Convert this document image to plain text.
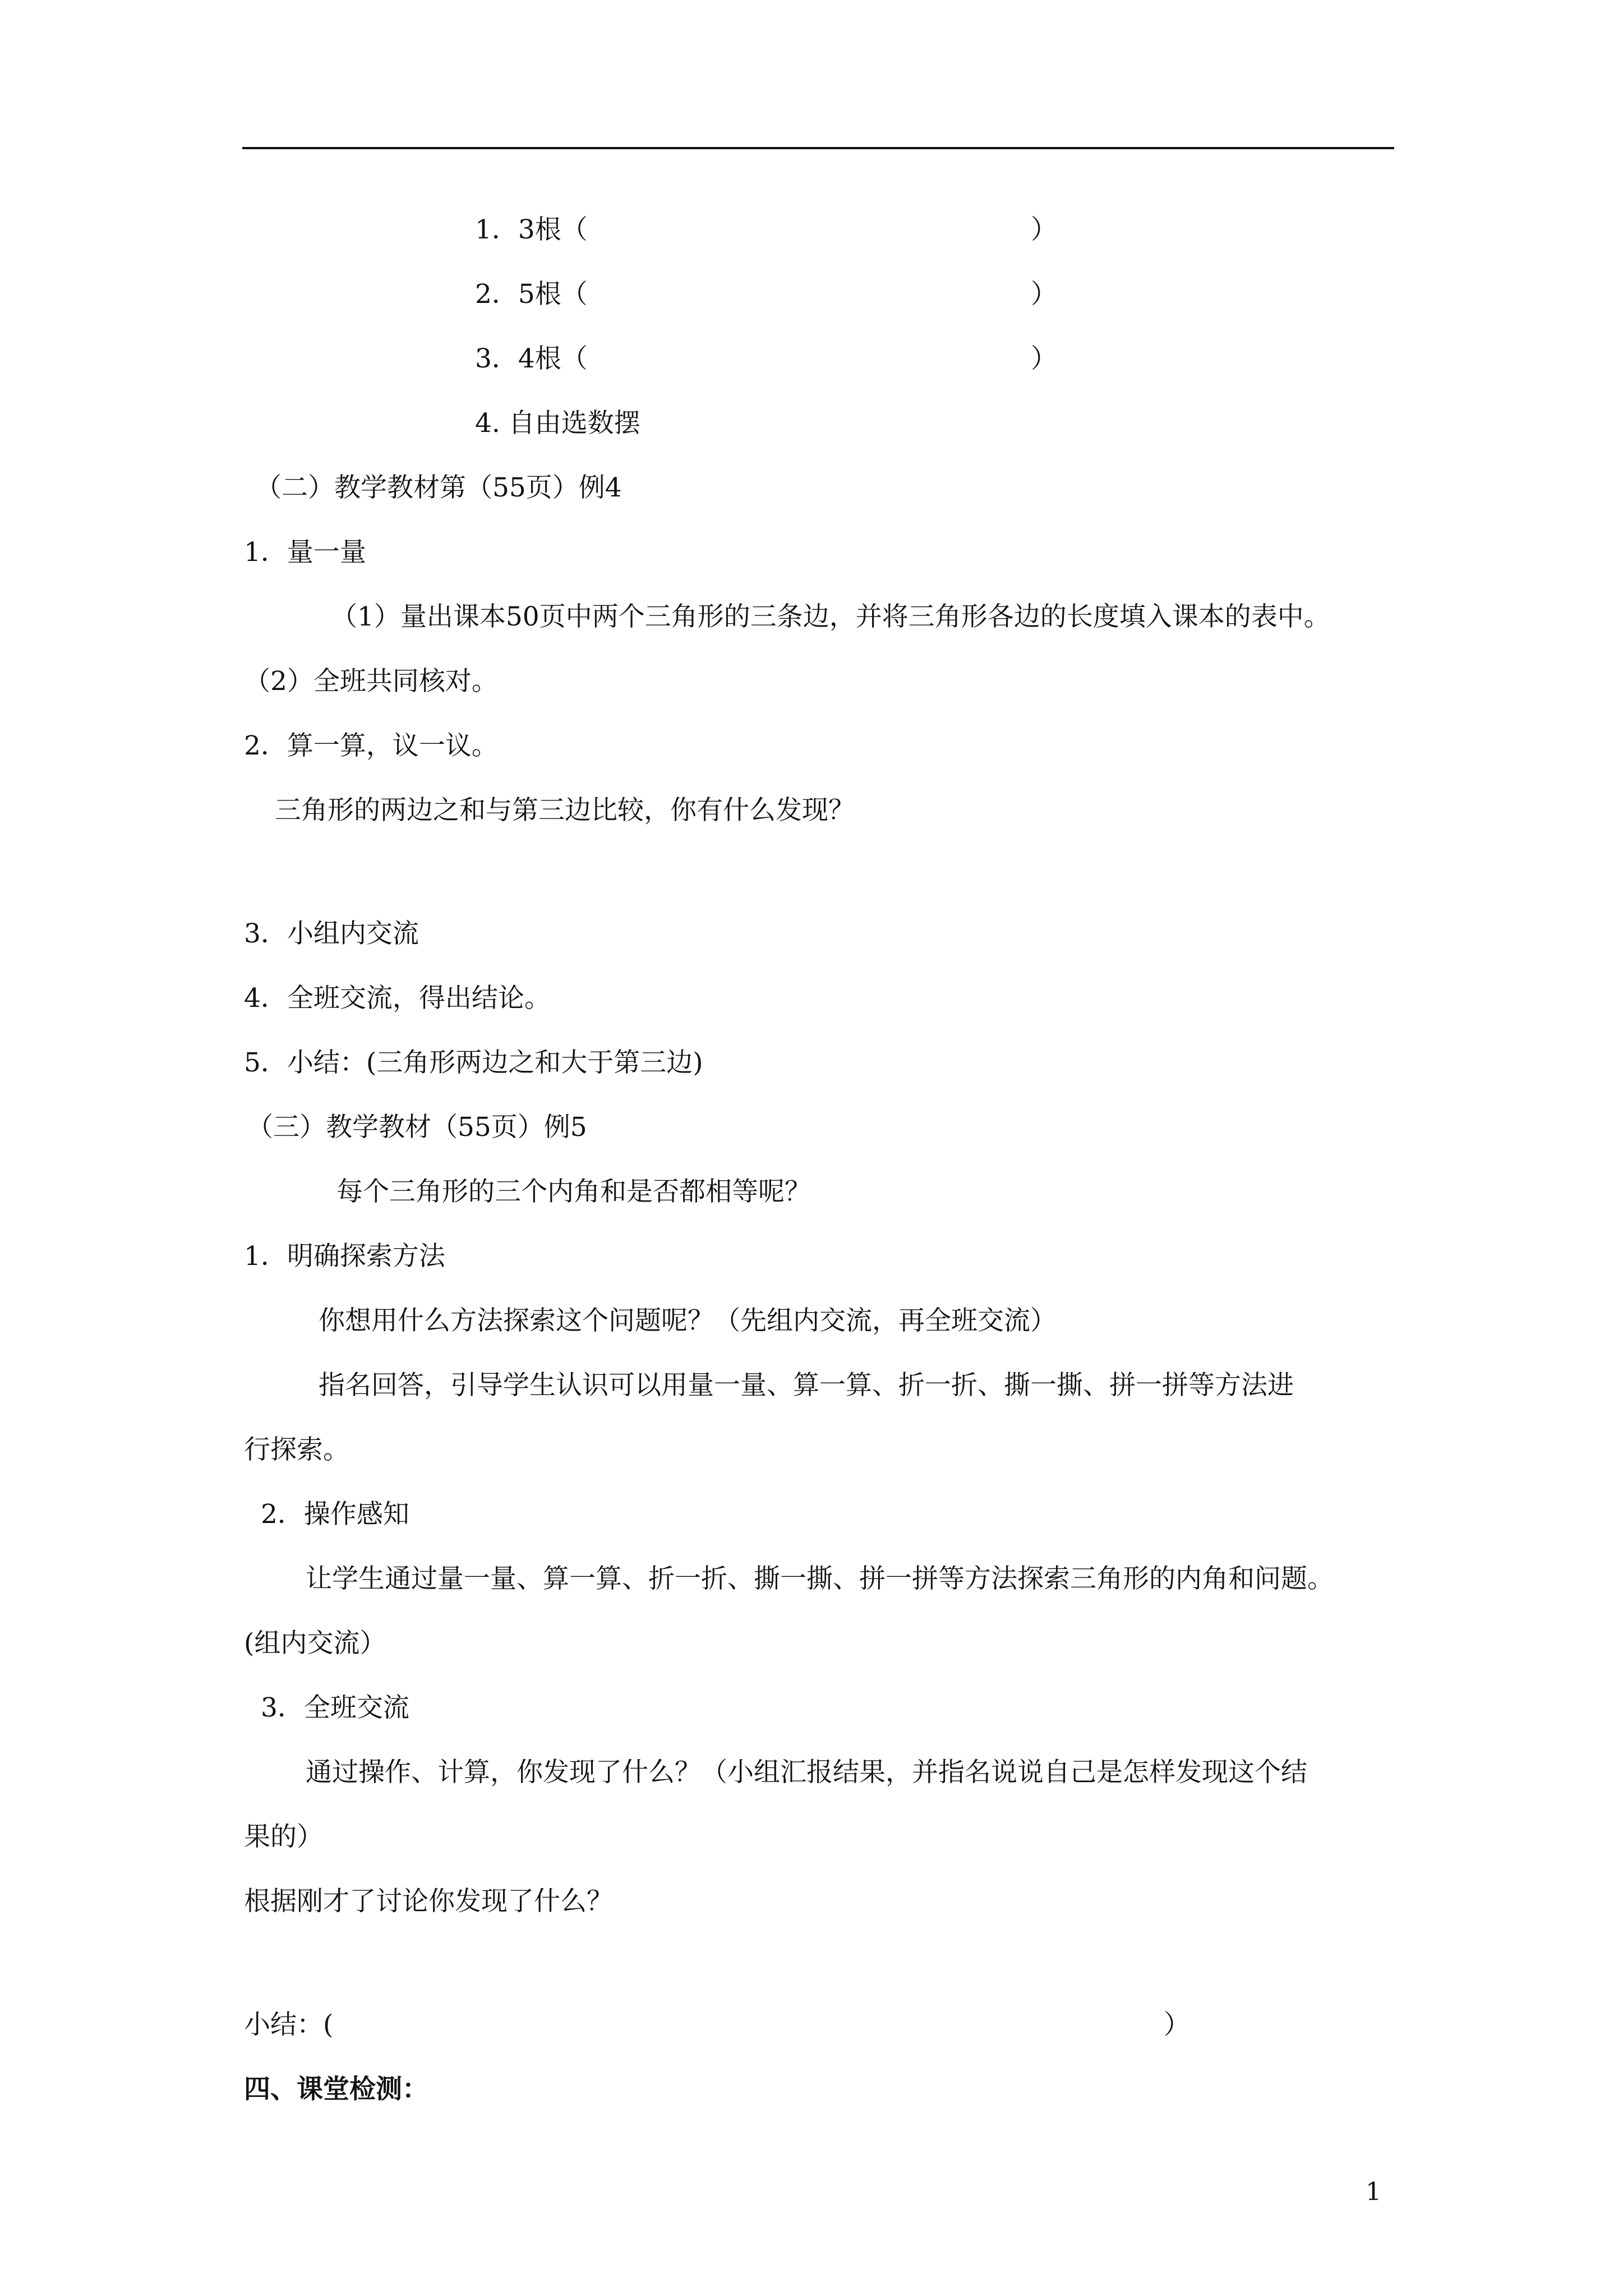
1．3根（	）
2．5根（	）
3．4根（	）
4. 自由选数摆
（二）教学教材第（55页）例4
1．量一量
（1）量出课本50页中两个三角形的三条边，并将三角形各边的长度填入课本的表中。
（2）全班共同核对。
2．算一算，议一议。
三角形的两边之和与第三边比较，你有什么发现？
3．小组内交流
4．全班交流，得出结论。
5．小结：(三角形两边之和大于第三边)
（三）教学教材（55页）例5
每个三角形的三个内角和是否都相等呢？
1．明确探索方法
你想用什么方法探索这个问题呢？（先组内交流，再全班交流）
指名回答，引导学生认识可以用量一量、算一算、折一折、撕一撕、拼一拼等方法进
行探索。
2．操作感知
让学生通过量一量、算一算、折一折、撕一撕、拼一拼等方法探索三角形的内角和问题。
(组内交流）
3．全班交流
通过操作、计算，你发现了什么？（小组汇报结果，并指名说说自己是怎样发现这个结
果的）
根据刚才了讨论你发现了什么？
小结：(	）
四、课堂检测：
1
